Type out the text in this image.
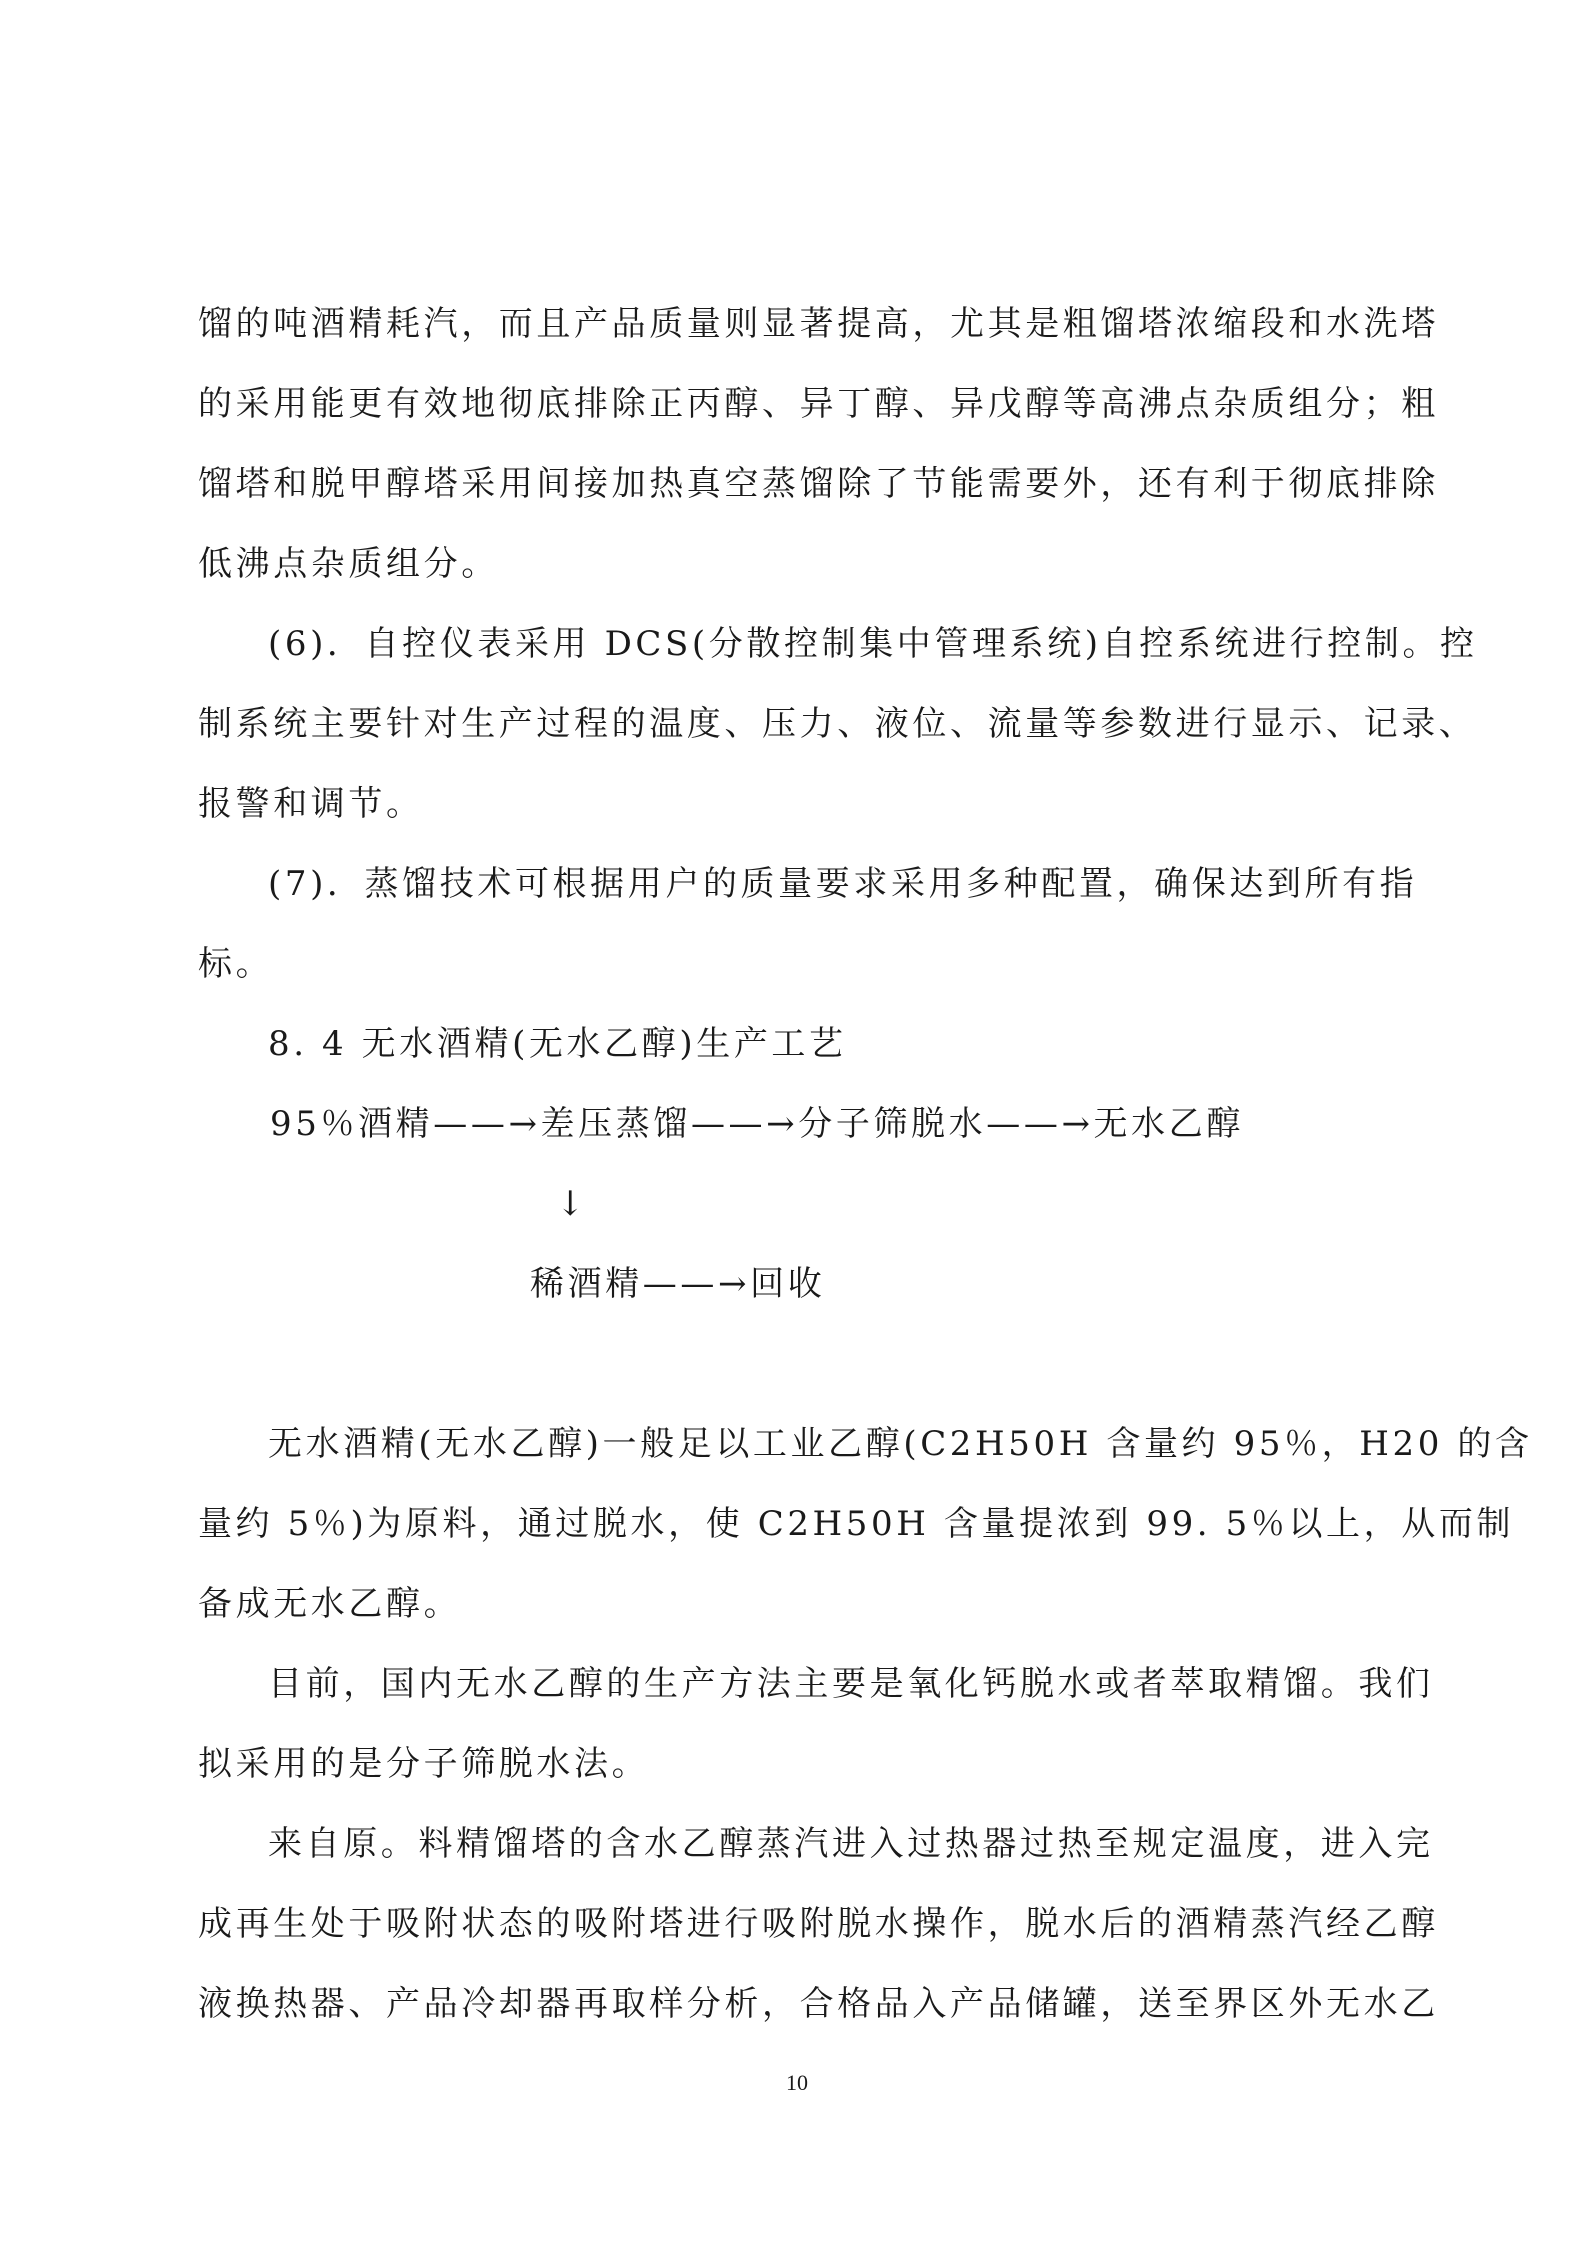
馏的吨酒精耗汽，而且产品质量则显著提高，尤其是粗馏塔浓缩段和水洗塔
的采用能更有效地彻底排除正丙醇、异丁醇、异戊醇等高沸点杂质组分；粗
馏塔和脱甲醇塔采用间接加热真空蒸馏除了节能需要外，还有利于彻底排除
低沸点杂质组分。
(6)．自控仪表采用 DCS(分散控制集中管理系统)自控系统进行控制。控
制系统主要针对生产过程的温度、压力、液位、流量等参数进行显示、记录、
报警和调节。
(7)．蒸馏技术可根据用户的质量要求采用多种配置，确保达到所有指
标。
8. 4 无水酒精(无水乙醇)生产工艺
95％酒精——→差压蒸馏——→分子筛脱水——→无水乙醇
↓
稀酒精——→回收
无水酒精(无水乙醇)一般足以工业乙醇(C2H50H 含量约 95％，H20 的含
量约 5％)为原料，通过脱水，使 C2H50H 含量提浓到 99. 5％以上，从而制
备成无水乙醇。
目前，国内无水乙醇的生产方法主要是氧化钙脱水或者萃取精馏。我们
拟采用的是分子筛脱水法。
来自原。料精馏塔的含水乙醇蒸汽进入过热器过热至规定温度，进入完
成再生处于吸附状态的吸附塔进行吸附脱水操作，脱水后的酒精蒸汽经乙醇
液换热器、产品冷却器再取样分析，合格品入产品储罐，送至界区外无水乙
10
